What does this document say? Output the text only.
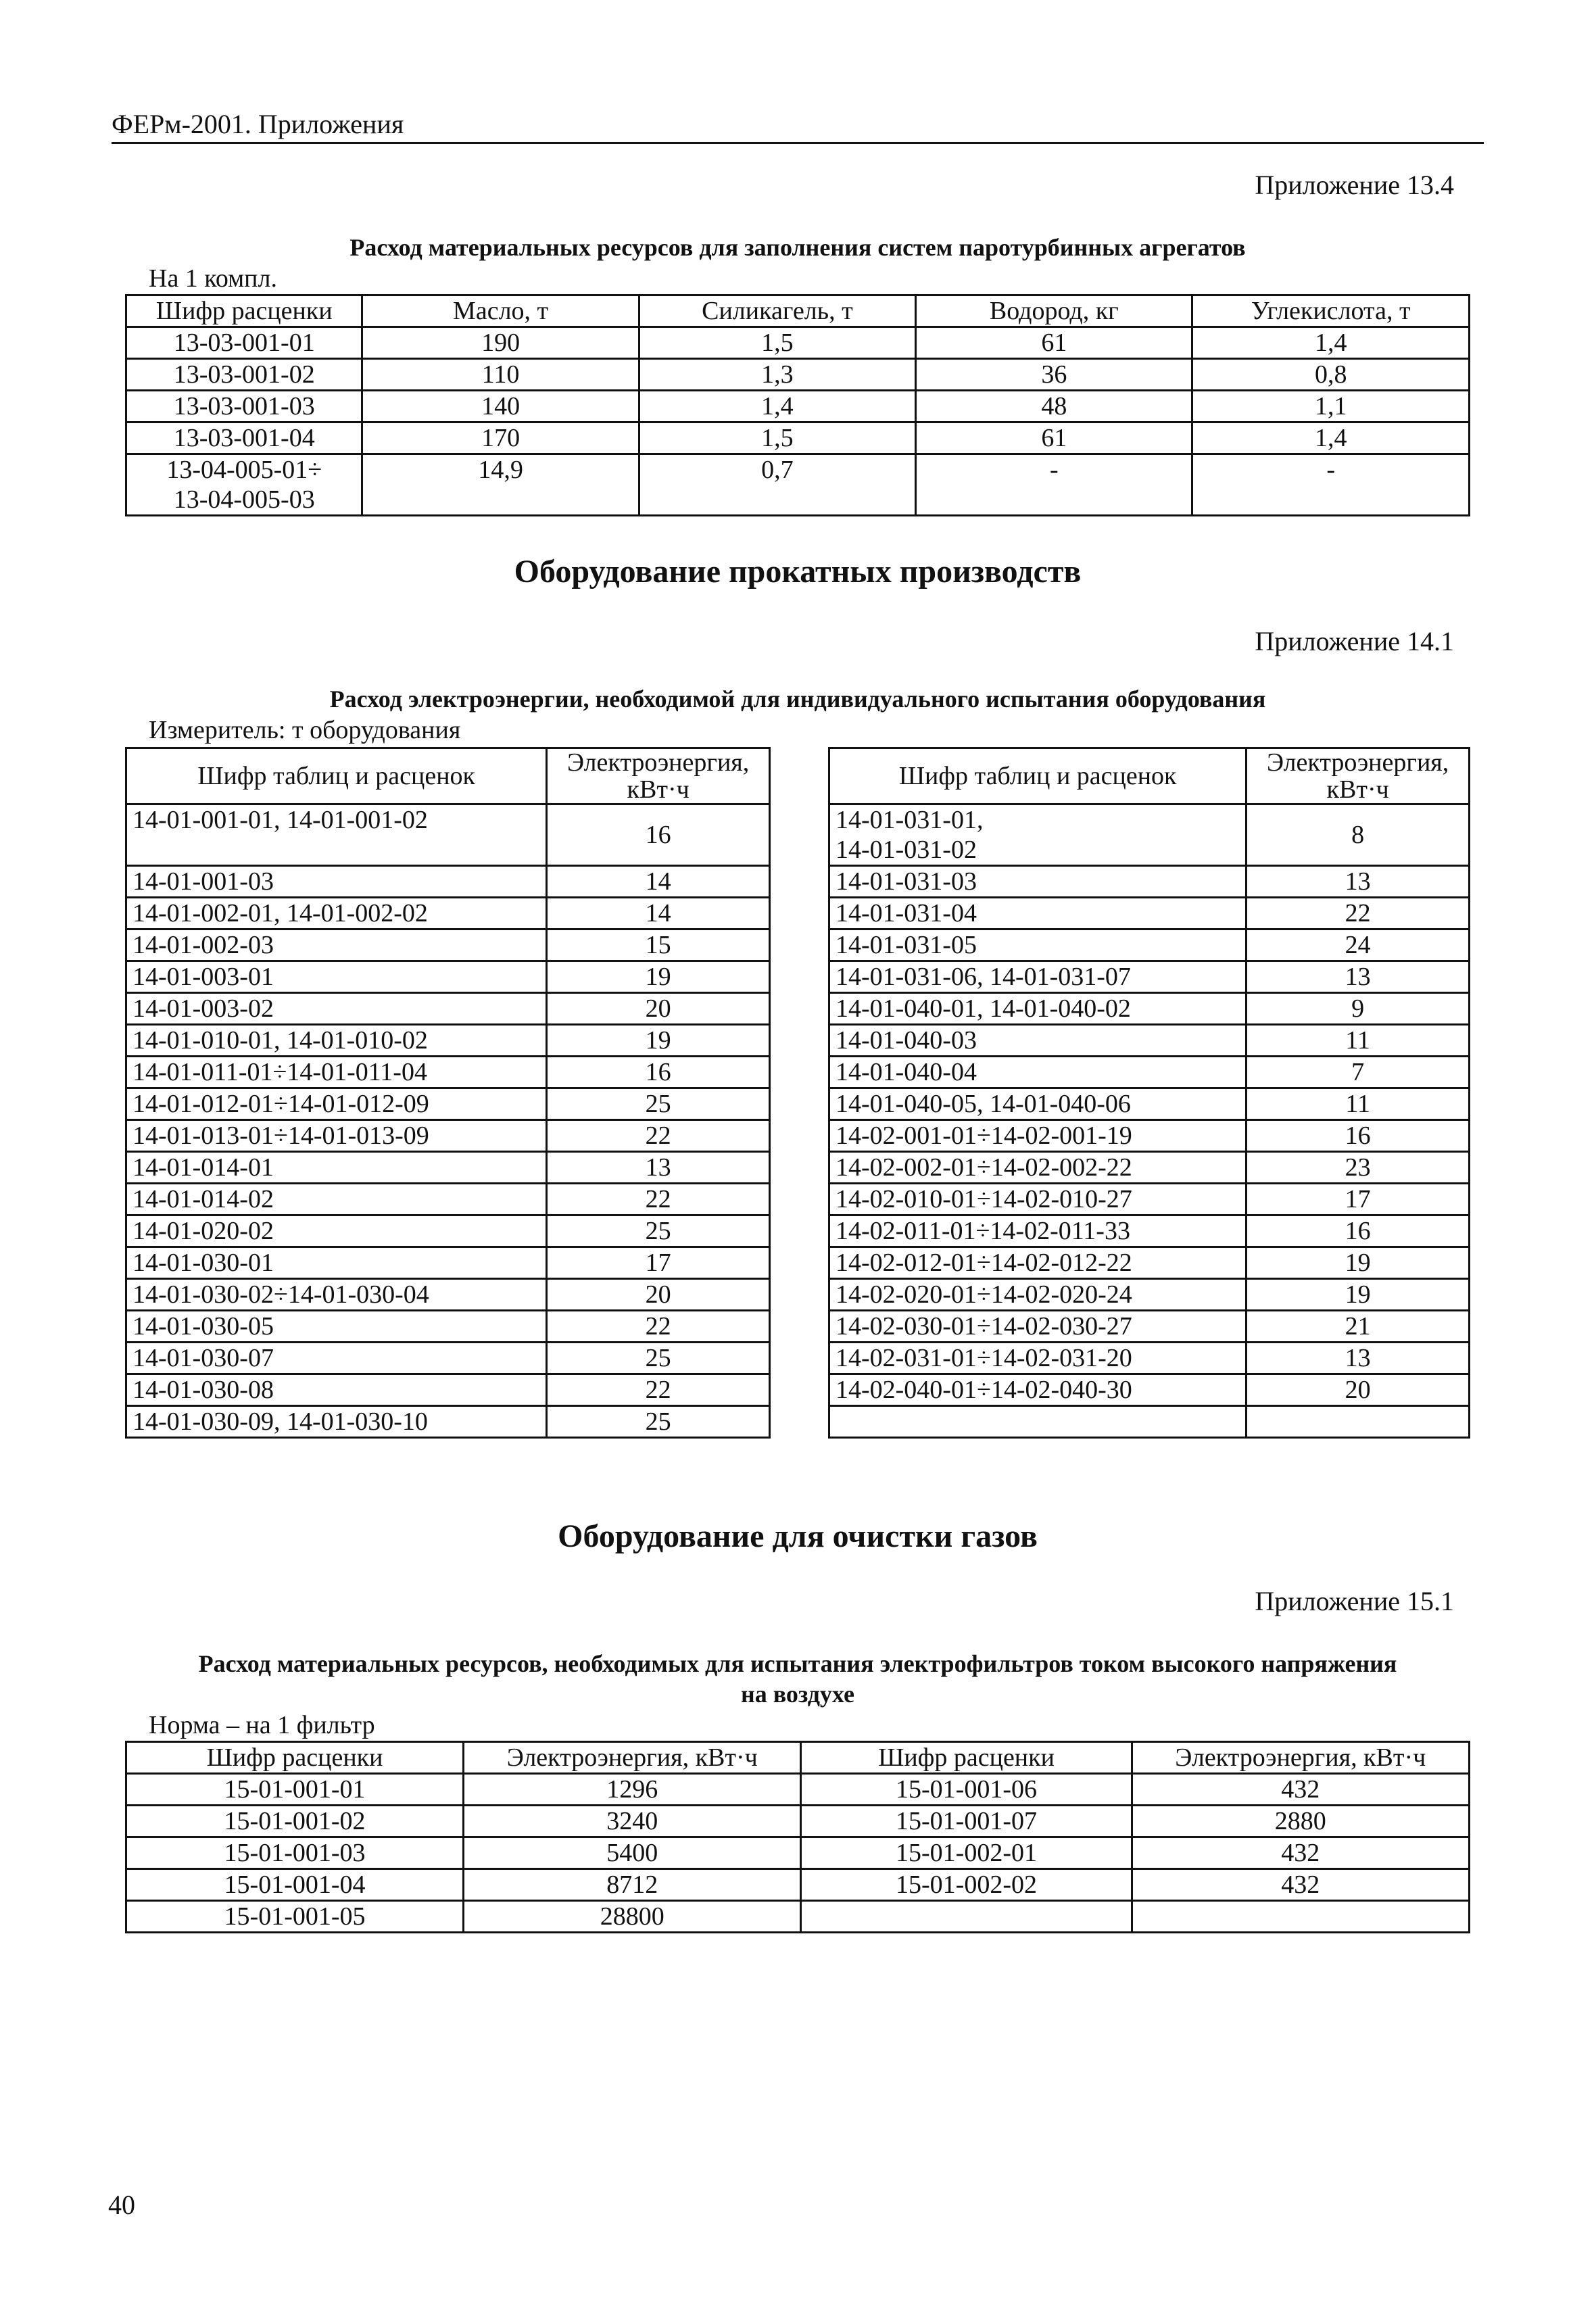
ФЕРм-2001. Приложения
Приложение 13.4
Расход материальных ресурсов для заполнения систем паротурбинных агрегатов
На 1 компл.
Шифр расценки	Масло, т	Силикагель, т	Водород, кг	Углекислота, т
13-03-001-01	190	1,5	61	1,4
13-03-001-02	110	1,3	36	0,8
13-03-001-03	140	1,4	48	1,1
13-03-001-04	170	1,5	61	1,4

13-04-005-01÷
13-04-005-03	14,9	0,7	-	-
Оборудование прокатных производств
Приложение 14.1
Расход электроэнергии, необходимой для индивидуального испытания оборудования
Измеритель: т оборудования
Шифр таблиц и расценок	Электроэнергия,
кВт·ч

14-01-001-01, 14-01-001-02	16
14-01-001-03	14
14-01-002-01, 14-01-002-02	14
14-01-002-03	15
14-01-003-01	19
14-01-003-02	20
14-01-010-01, 14-01-010-02	19
14-01-011-01÷14-01-011-04	16
14-01-012-01÷14-01-012-09	25
14-01-013-01÷14-01-013-09	22
14-01-014-01	13
14-01-014-02	22
14-01-020-02	25
14-01-030-01	17
14-01-030-02÷14-01-030-04	20
14-01-030-05	22
14-01-030-07	25
14-01-030-08	22
14-01-030-09, 14-01-030-10	25
Шифр таблиц и расценок	Электроэнергия,
кВт·ч

14-01-031-01,
14-01-031-02	8
14-01-031-03	13
14-01-031-04	22
14-01-031-05	24
14-01-031-06, 14-01-031-07	13
14-01-040-01, 14-01-040-02	9
14-01-040-03	11
14-01-040-04	7
14-01-040-05, 14-01-040-06	11
14-02-001-01÷14-02-001-19	16
14-02-002-01÷14-02-002-22	23
14-02-010-01÷14-02-010-27	17
14-02-011-01÷14-02-011-33	16
14-02-012-01÷14-02-012-22	19
14-02-020-01÷14-02-020-24	19
14-02-030-01÷14-02-030-27	21
14-02-031-01÷14-02-031-20	13
14-02-040-01÷14-02-040-30	20

Оборудование для очистки газов
Приложение 15.1
Расход материальных ресурсов, необходимых для испытания электрофильтров током высокого напряжения
на воздухе
Норма – на 1 фильтр
Шифр расценки	Электроэнергия, кВт·ч	Шифр расценки	Электроэнергия, кВт·ч
15-01-001-01	1296	15-01-001-06	432
15-01-001-02	3240	15-01-001-07	2880
15-01-001-03	5400	15-01-002-01	432
15-01-001-04	8712	15-01-002-02	432
15-01-001-05	28800		
40
